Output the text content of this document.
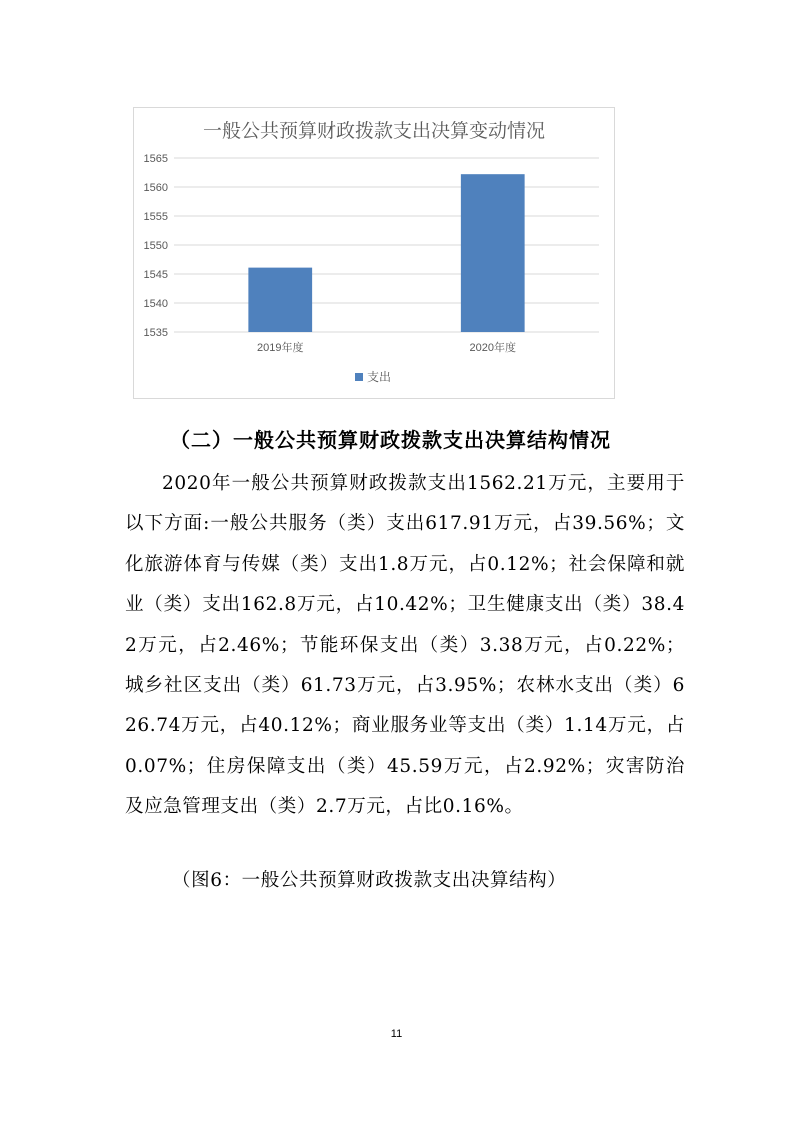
一般公共预算财政拨款支出决算变动情况
1535
1540
1545
1550
1555
1560
1565
2019年度	2020年度
支出
（二）一般公共预算财政拨款支出决算结构情况

2020年一般公共预算财政拨款支出1562.21万元，主要用于以下方面:一般公共服务（类）支出617.91万元，占39.56%；文化旅游体育与传媒（类）支出1.8万元，占0.12%；社会保障和就业（类）支出162.8万元，占10.42%；卫生健康支出（类）38.42万元，占2.46%；节能环保支出（类）3.38万元，占0.22%；城乡社区支出（类）61.73万元，占3.95%；农林水支出（类）626.74万元，占40.12%；商业服务业等支出（类）1.14万元，占0.07%；住房保障支出（类）45.59万元，占2.92%；灾害防治及应急管理支出（类）2.7万元，占比0.16%。

（图6：一般公共预算财政拨款支出决算结构）
11
